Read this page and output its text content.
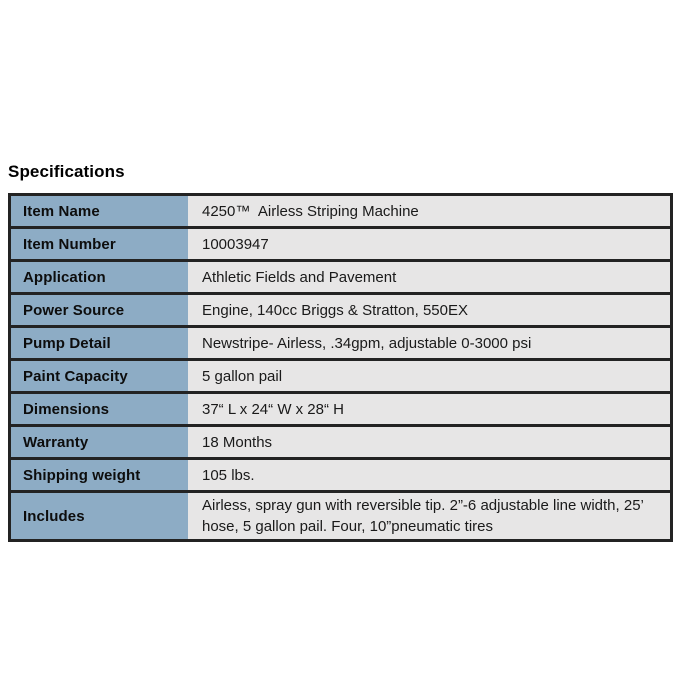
Specifications
Item Name	4250™  Airless Striping Machine
Item Number	10003947
Application	Athletic Fields and Pavement
Power Source	Engine, 140cc Briggs & Stratton, 550EX
Pump Detail	Newstripe- Airless, .34gpm, adjustable 0-3000 psi
Paint Capacity	5 gallon pail
Dimensions	37“ L x 24“ W x 28“ H
Warranty	18 Months
Shipping weight	105 lbs.
Includes	Airless, spray gun with reversible tip. 2”-6 adjustable line width, 25’ hose, 5 gallon pail. Four, 10”pneumatic tires
